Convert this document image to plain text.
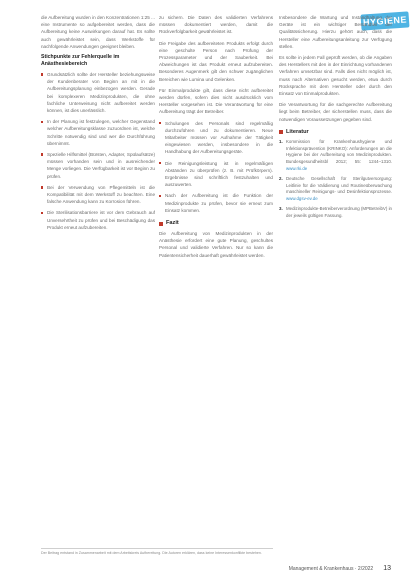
HYGIENE

die Aufbereitung wurden in den Konzentrationen 1:25 ... eine Instrumente so aufgebereitet werden, dass die Aufbereitung keine Auswirkungen darauf hat. Es sollte auch gewährleistet sein, dass Werkstoffe für nachfolgende Anwendungen geeignet bleiben.

Stichpunkte zur Fehlerquelle im Anästhesiebereich
Grundsätzlich sollte der Hersteller beziehungsweise der Kundenberater von Beginn an mit in die Aufbereitungsplanung einbezogen werden. Gerade bei komplexeren Medizinprodukten, die ohne fachliche Unterweisung nicht aufbereitet werden können, ist dies unerlässlich.
In der Planung ist festzulegen, welcher Gegenstand welcher Aufbereitungsklasse zuzuordnen ist, welche Schritte notwendig sind und wer die Durchführung übernimmt.
Spezielle Hilfsmittel (Bürsten, Adapter, Spülaufsätze) müssen vorhanden sein und in ausreichender Menge vorliegen. Die Verfügbarkeit ist vor Beginn zu prüfen.
Bei der Verwendung von Pflegemitteln ist die Kompatibilität mit dem Werkstoff zu beachten. Eine falsche Anwendung kann zu Korrosion führen.
Die Sterilisationsbarriere ist vor dem Gebrauch auf Unversehrtheit zu prüfen und bei Beschädigung das Produkt erneut aufzubereiten.

zu sichern. Die Daten des validierten Verfahrens müssen dokumentiert werden, damit die Rückverfolgbarkeit gewährleistet ist.

Die Freigabe des aufbereiteten Produkts erfolgt durch eine geschulte Person nach Prüfung der Prozessparameter und der Sauberkeit. Bei Abweichungen ist das Produkt erneut aufzubereiten. Besonderes Augenmerk gilt den schwer zugänglichen Bereichen wie Lumina und Gelenken.

Für Einmalprodukte gilt, dass diese nicht aufbereitet werden dürfen, sofern dies nicht ausdrücklich vom Hersteller vorgesehen ist. Die Verantwortung für eine Aufbereitung trägt der Betreiber.

Schulungen des Personals sind regelmäßig durchzuführen und zu dokumentieren. Neue Mitarbeiter müssen vor Aufnahme der Tätigkeit eingewiesen werden, insbesondere in die Handhabung der Aufbereitungsgeräte.
Die Reinigungsleistung ist in regelmäßigen Abständen zu überprüfen (z. B. mit Prüfkörpern). Ergebnisse sind schriftlich festzuhalten und auszuwerten.
Nach der Aufbereitung ist die Funktion der Medizinprodukte zu prüfen, bevor sie erneut zum Einsatz kommen.
Fazit

Die Aufbereitung von Medizinprodukten in der Anästhesie erfordert eine gute Planung, geschultes Personal und validierte Verfahren. Nur so kann die Patientensicherheit dauerhaft gewährleistet werden.

Insbesondere die Wartung und Instandhaltung der Geräte ist ein wichtiger Bestandteil der Qualitätssicherung. Hierzu gehört auch, dass die Hersteller eine Aufbereitungsanleitung zur Verfügung stellen.

Es sollte in jedem Fall geprüft werden, ob die Angaben des Herstellers mit den in der Einrichtung vorhandenen Verfahren umsetzbar sind. Falls dies nicht möglich ist, muss nach Alternativen gesucht werden, etwa durch Rücksprache mit dem Hersteller oder durch den Einsatz von Einmalprodukten.

Die Verantwortung für die sachgerechte Aufbereitung liegt beim Betreiber, der sicherstellen muss, dass die notwendigen Voraussetzungen gegeben sind.

Literatur
1. Kommission für Krankenhaushygiene und Infektionsprävention (KRINKO): Anforderungen an die Hygiene bei der Aufbereitung von Medizinprodukten. Bundesgesundheitsbl 2012; 55: 1244–1310. www.rki.de
2. Deutsche Gesellschaft für Sterilgutversorgung: Leitlinie für die Validierung und Routineüberwachung maschineller Reinigungs- und Desinfektionsprozesse. www.dgsv-ev.de
3. Medizinprodukte-Betreiberverordnung (MPBetreibV) in der jeweils gültigen Fassung.
Der Beitrag entstand in Zusammenarbeit mit dem Arbeitskreis Aufbereitung. Die Autoren erklären, dass keine Interessenkonflikte bestehen.
Management & Krankenhaus · 2/2022 13
